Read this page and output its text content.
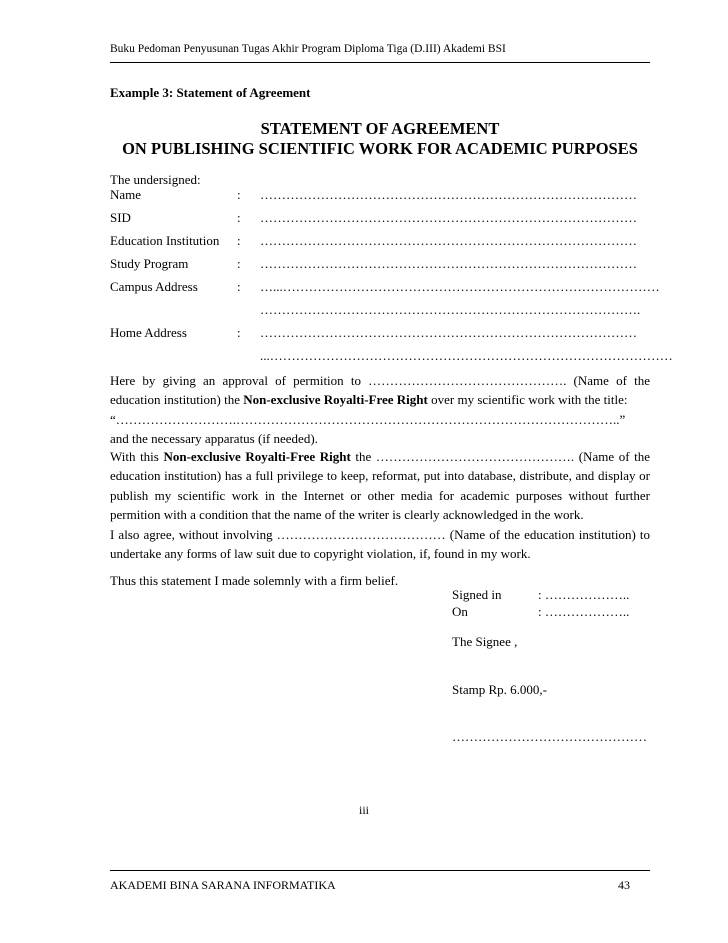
Buku Pedoman Penyusunan Tugas Akhir Program Diploma Tiga (D.III) Akademi BSI
Example 3: Statement of Agreement
STATEMENT OF AGREEMENT
ON PUBLISHING SCIENTIFIC WORK FOR ACADEMIC PURPOSES
The undersigned:
Name	: ……………………………………………………………………………
SID	: ……………………………………………………………………………
Education Institution : ……………………………………………………………………………
Study Program	: ……………………………………………………………………………
Campus Address	: …...……………………………………………………………………………
…………………………………………………………………………….
Home Address	: ……………………………………………………………………………
...…………………………………………………………………………………

Here by giving an approval of permition to ………………………………………. (Name of the education institution) the Non-exclusive Royalti-Free Right over my scientific work with the title:

“……………………….……………………………………………………………………………..”

and the necessary apparatus (if needed).

With this Non-exclusive Royalti-Free Right the ………………………………………. (Name of the education institution) has a full privilege to keep, reformat, put into database, distribute, and display or publish my scientific work in the Internet or other media for academic purposes without further permition with a condition that the name of the writer is clearly acknowledged in the work.

I also agree, without involving ………………………………… (Name of the education institution) to undertake any forms of law suit due to copyright violation, if, found in my work.

Thus this statement I made solemnly with a firm belief.

Signed in	: ………………..
On	: ………………..
The Signee ,
Stamp Rp. 6.000,-
………………………………………
iii
AKADEMI BINA SARANA INFORMATIKA	43
